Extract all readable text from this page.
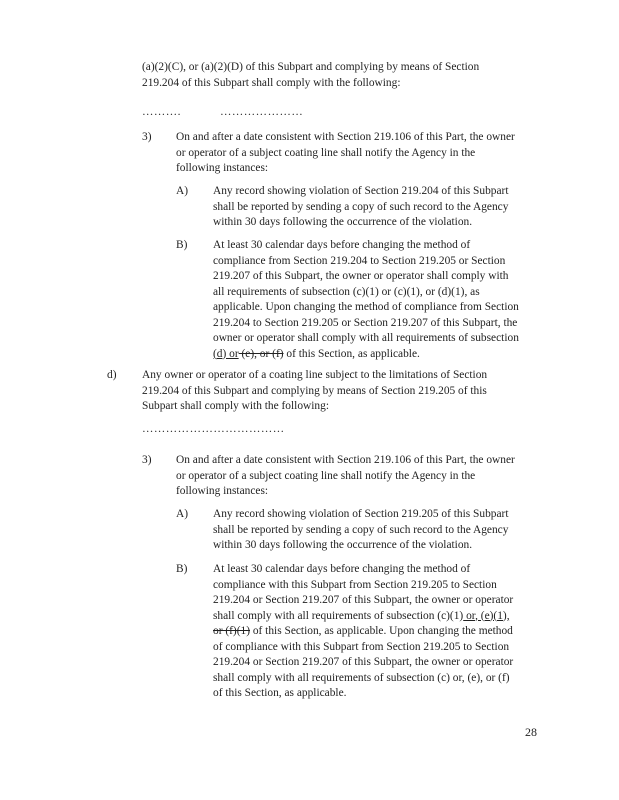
(a)(2)(C), or (a)(2)(D) of this Subpart and complying by means of Section
219.204 of this Subpart shall comply with the following:
……….	…………………
3) On and after a date consistent with Section 219.106 of this Part, the owner
or operator of a subject coating line shall notify the Agency in the
following instances:
A) Any record showing violation of Section 219.204 of this Subpart
shall be reported by sending a copy of such record to the Agency
within 30 days following the occurrence of the violation.
B) At least 30 calendar days before changing the method of
compliance from Section 219.204 to Section 219.205 or Section
219.207 of this Subpart, the owner or operator shall comply with
all requirements of subsection (c)(1) or (c)(1), or (d)(1), as
applicable. Upon changing the method of compliance from Section
219.204 to Section 219.205 or Section 219.207 of this Subpart, the
owner or operator shall comply with all requirements of subsection
(d) or (e), or (f) of this Section, as applicable.
d) Any owner or operator of a coating line subject to the limitations of Section
219.204 of this Subpart and complying by means of Section 219.205 of this
Subpart shall comply with the following:
………………………………
3) On and after a date consistent with Section 219.106 of this Part, the owner
or operator of a subject coating line shall notify the Agency in the
following instances:
A) Any record showing violation of Section 219.205 of this Subpart
shall be reported by sending a copy of such record to the Agency
within 30 days following the occurrence of the violation.
B) At least 30 calendar days before changing the method of
compliance with this Subpart from Section 219.205 to Section
219.204 or Section 219.207 of this Subpart, the owner or operator
shall comply with all requirements of subsection (c)(1) or, (e)(1),
or (f)(1) of this Section, as applicable. Upon changing the method
of compliance with this Subpart from Section 219.205 to Section
219.204 or Section 219.207 of this Subpart, the owner or operator
shall comply with all requirements of subsection (c) or, (e), or (f)
of this Section, as applicable.
28
